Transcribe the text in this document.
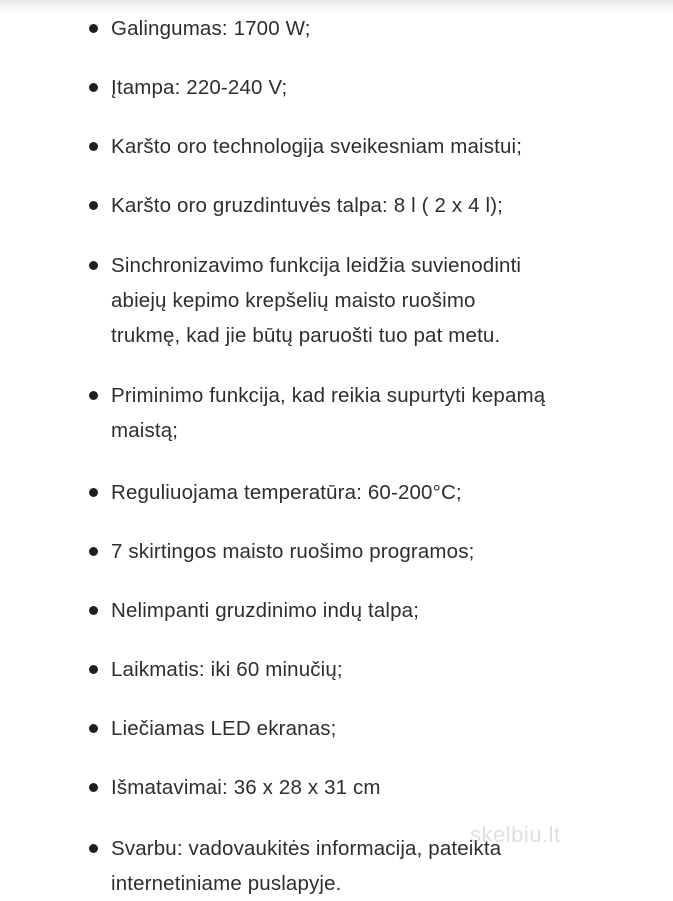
Galingumas: 1700 W;
Įtampa: 220-240 V;
Karšto oro technologija sveikesniam maistui;
Karšto oro gruzdintuvės talpa: 8 l ( 2 x 4 l);
Sinchronizavimo funkcija leidžia suvienodinti
abiejų kepimo krepšelių maisto ruošimo
trukmę, kad jie būtų paruošti tuo pat metu.
Priminimo funkcija, kad reikia supurtyti kepamą
maistą;
Reguliuojama temperatūra: 60-200°C;
7 skirtingos maisto ruošimo programos;
Nelimpanti gruzdinimo indų talpa;
Laikmatis: iki 60 minučių;
Liečiamas LED ekranas;
Išmatavimai: 36 x 28 x 31 cm
Svarbu: vadovaukitės informacija, pateikta
internetiniame puslapyje.
skelbiu.lt
